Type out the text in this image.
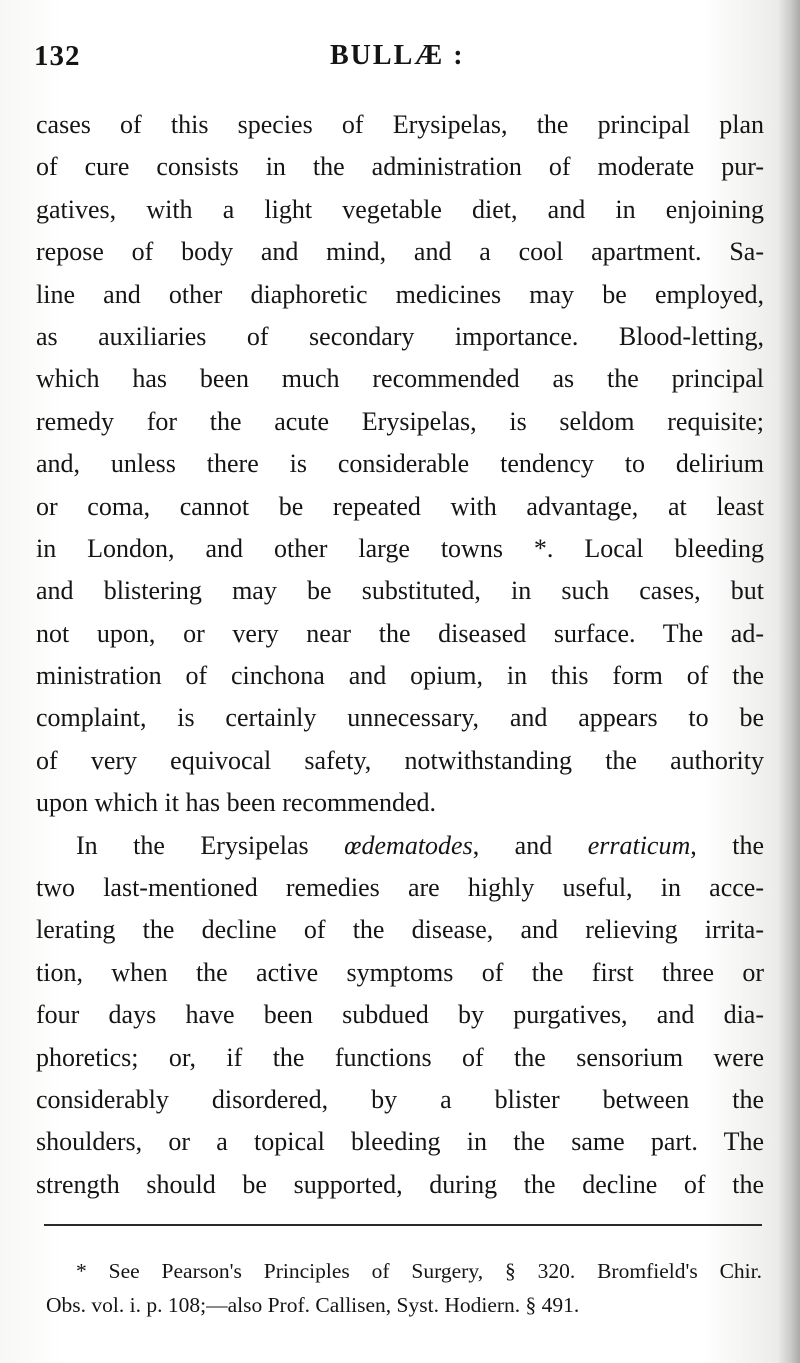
132	BULLÆ :
cases of this species of Erysipelas, the principal plan
of cure consists in the administration of moderate pur-
gatives, with a light vegetable diet, and in enjoining
repose of body and mind, and a cool apartment. Sa-
line and other diaphoretic medicines may be employed,
as auxiliaries of secondary importance. Blood-letting,
which has been much recommended as the principal
remedy for the acute Erysipelas, is seldom requisite;
and, unless there is considerable tendency to delirium
or coma, cannot be repeated with advantage, at least
in London, and other large towns *. Local bleeding
and blistering may be substituted, in such cases, but
not upon, or very near the diseased surface. The ad-
ministration of cinchona and opium, in this form of the
complaint, is certainly unnecessary, and appears to be
of very equivocal safety, notwithstanding the authority
upon which it has been recommended.
In the Erysipelas œdematodes, and erraticum, the
two last-mentioned remedies are highly useful, in acce-
lerating the decline of the disease, and relieving irrita-
tion, when the active symptoms of the first three or
four days have been subdued by purgatives, and dia-
phoretics; or, if the functions of the sensorium were
considerably disordered, by a blister between the
shoulders, or a topical bleeding in the same part. The
strength should be supported, during the decline of the
* See Pearson's Principles of Surgery, § 320. Bromfield's Chir.
Obs. vol. i. p. 108;—also Prof. Callisen, Syst. Hodiern. § 491.
